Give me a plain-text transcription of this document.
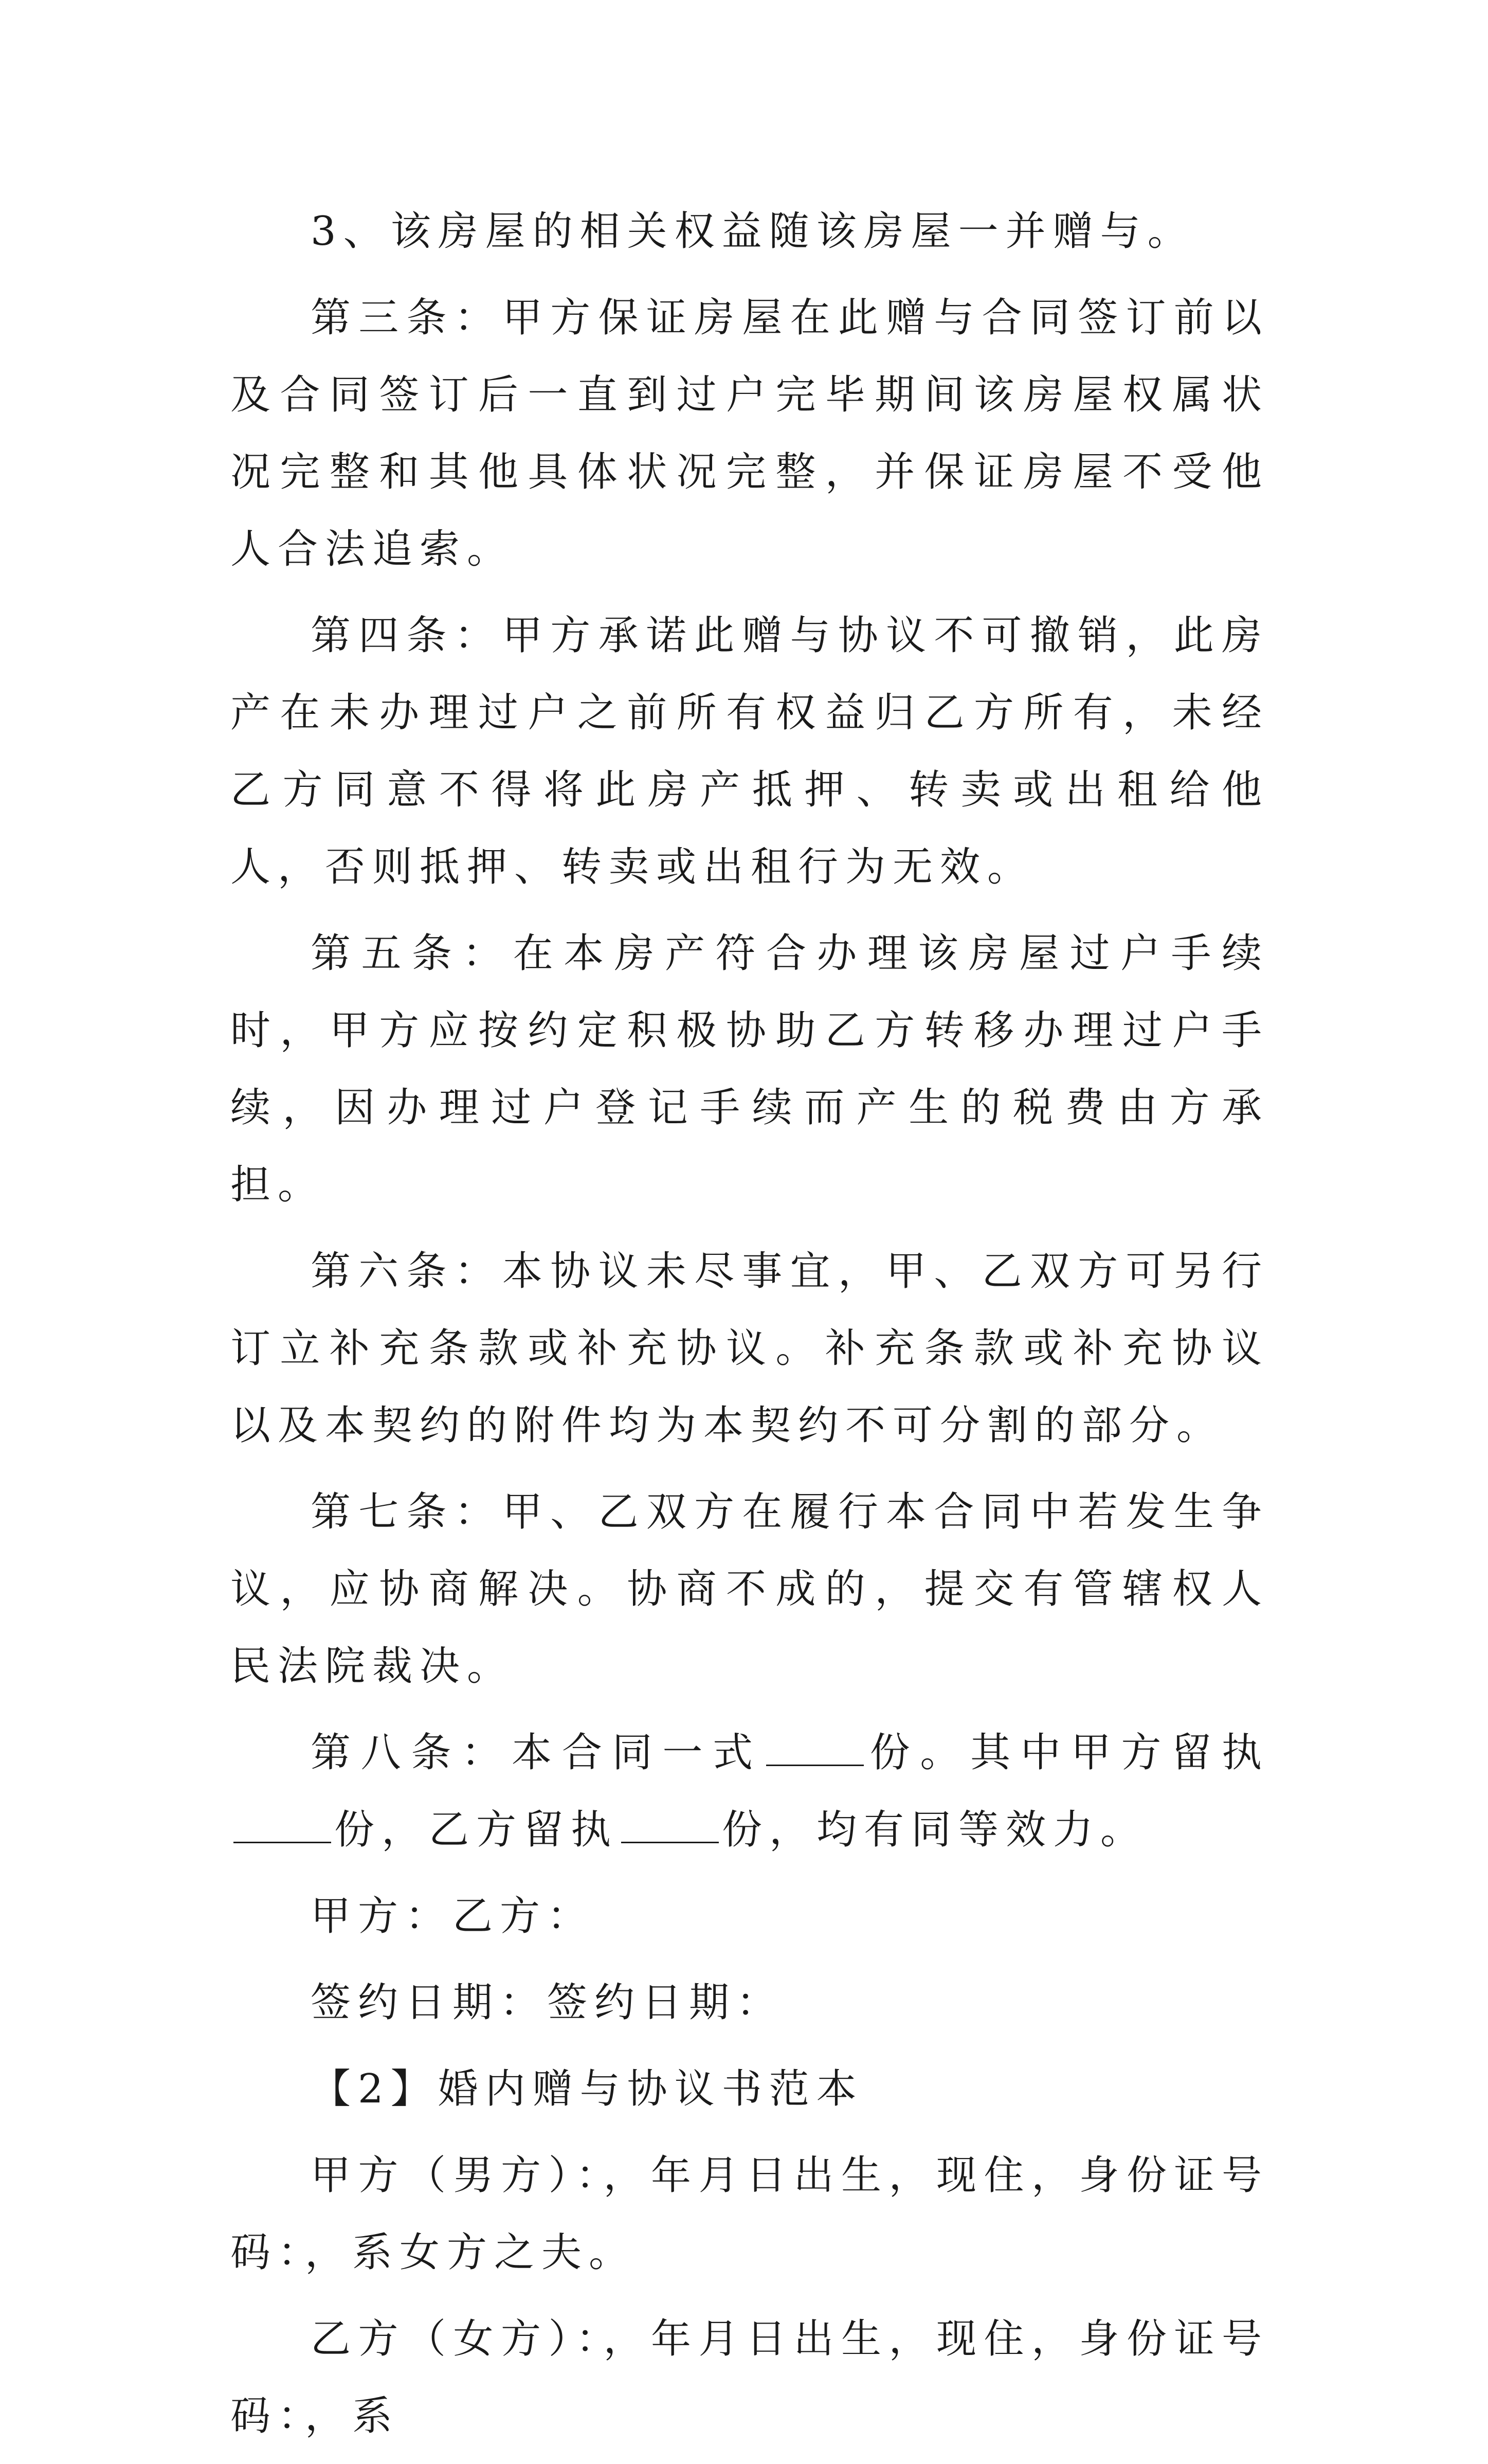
3、该房屋的相关权益随该房屋一并赠与。

第三条：甲方保证房屋在此赠与合同签订前以及合同签订后一直到过户完毕期间该房屋权属状况完整和其他具体状况完整，并保证房屋不受他人合法追索。

第四条：甲方承诺此赠与协议不可撤销，此房产在未办理过户之前所有权益归乙方所有，未经乙方同意不得将此房产抵押、转卖或出租给他人，否则抵押、转卖或出租行为无效。

第五条：在本房产符合办理该房屋过户手续时，甲方应按约定积极协助乙方转移办理过户手续，因办理过户登记手续而产生的税费由方承担。

第六条：本协议未尽事宜，甲、乙双方可另行订立补充条款或补充协议。补充条款或补充协议以及本契约的附件均为本契约不可分割的部分。

第七条：甲、乙双方在履行本合同中若发生争议，应协商解决。协商不成的，提交有管辖权人民法院裁决。

第八条：本合同一式	份。其中甲方留执份，乙方留执	份，均有同等效力。

甲方：乙方：

签约日期：签约日期：

【2】婚内赠与协议书范本

甲方（男方）：，年月日出生，现住，身份证号码：，系女方之夫。

乙方（女方）：，年月日出生，现住，身份证号码：，系
